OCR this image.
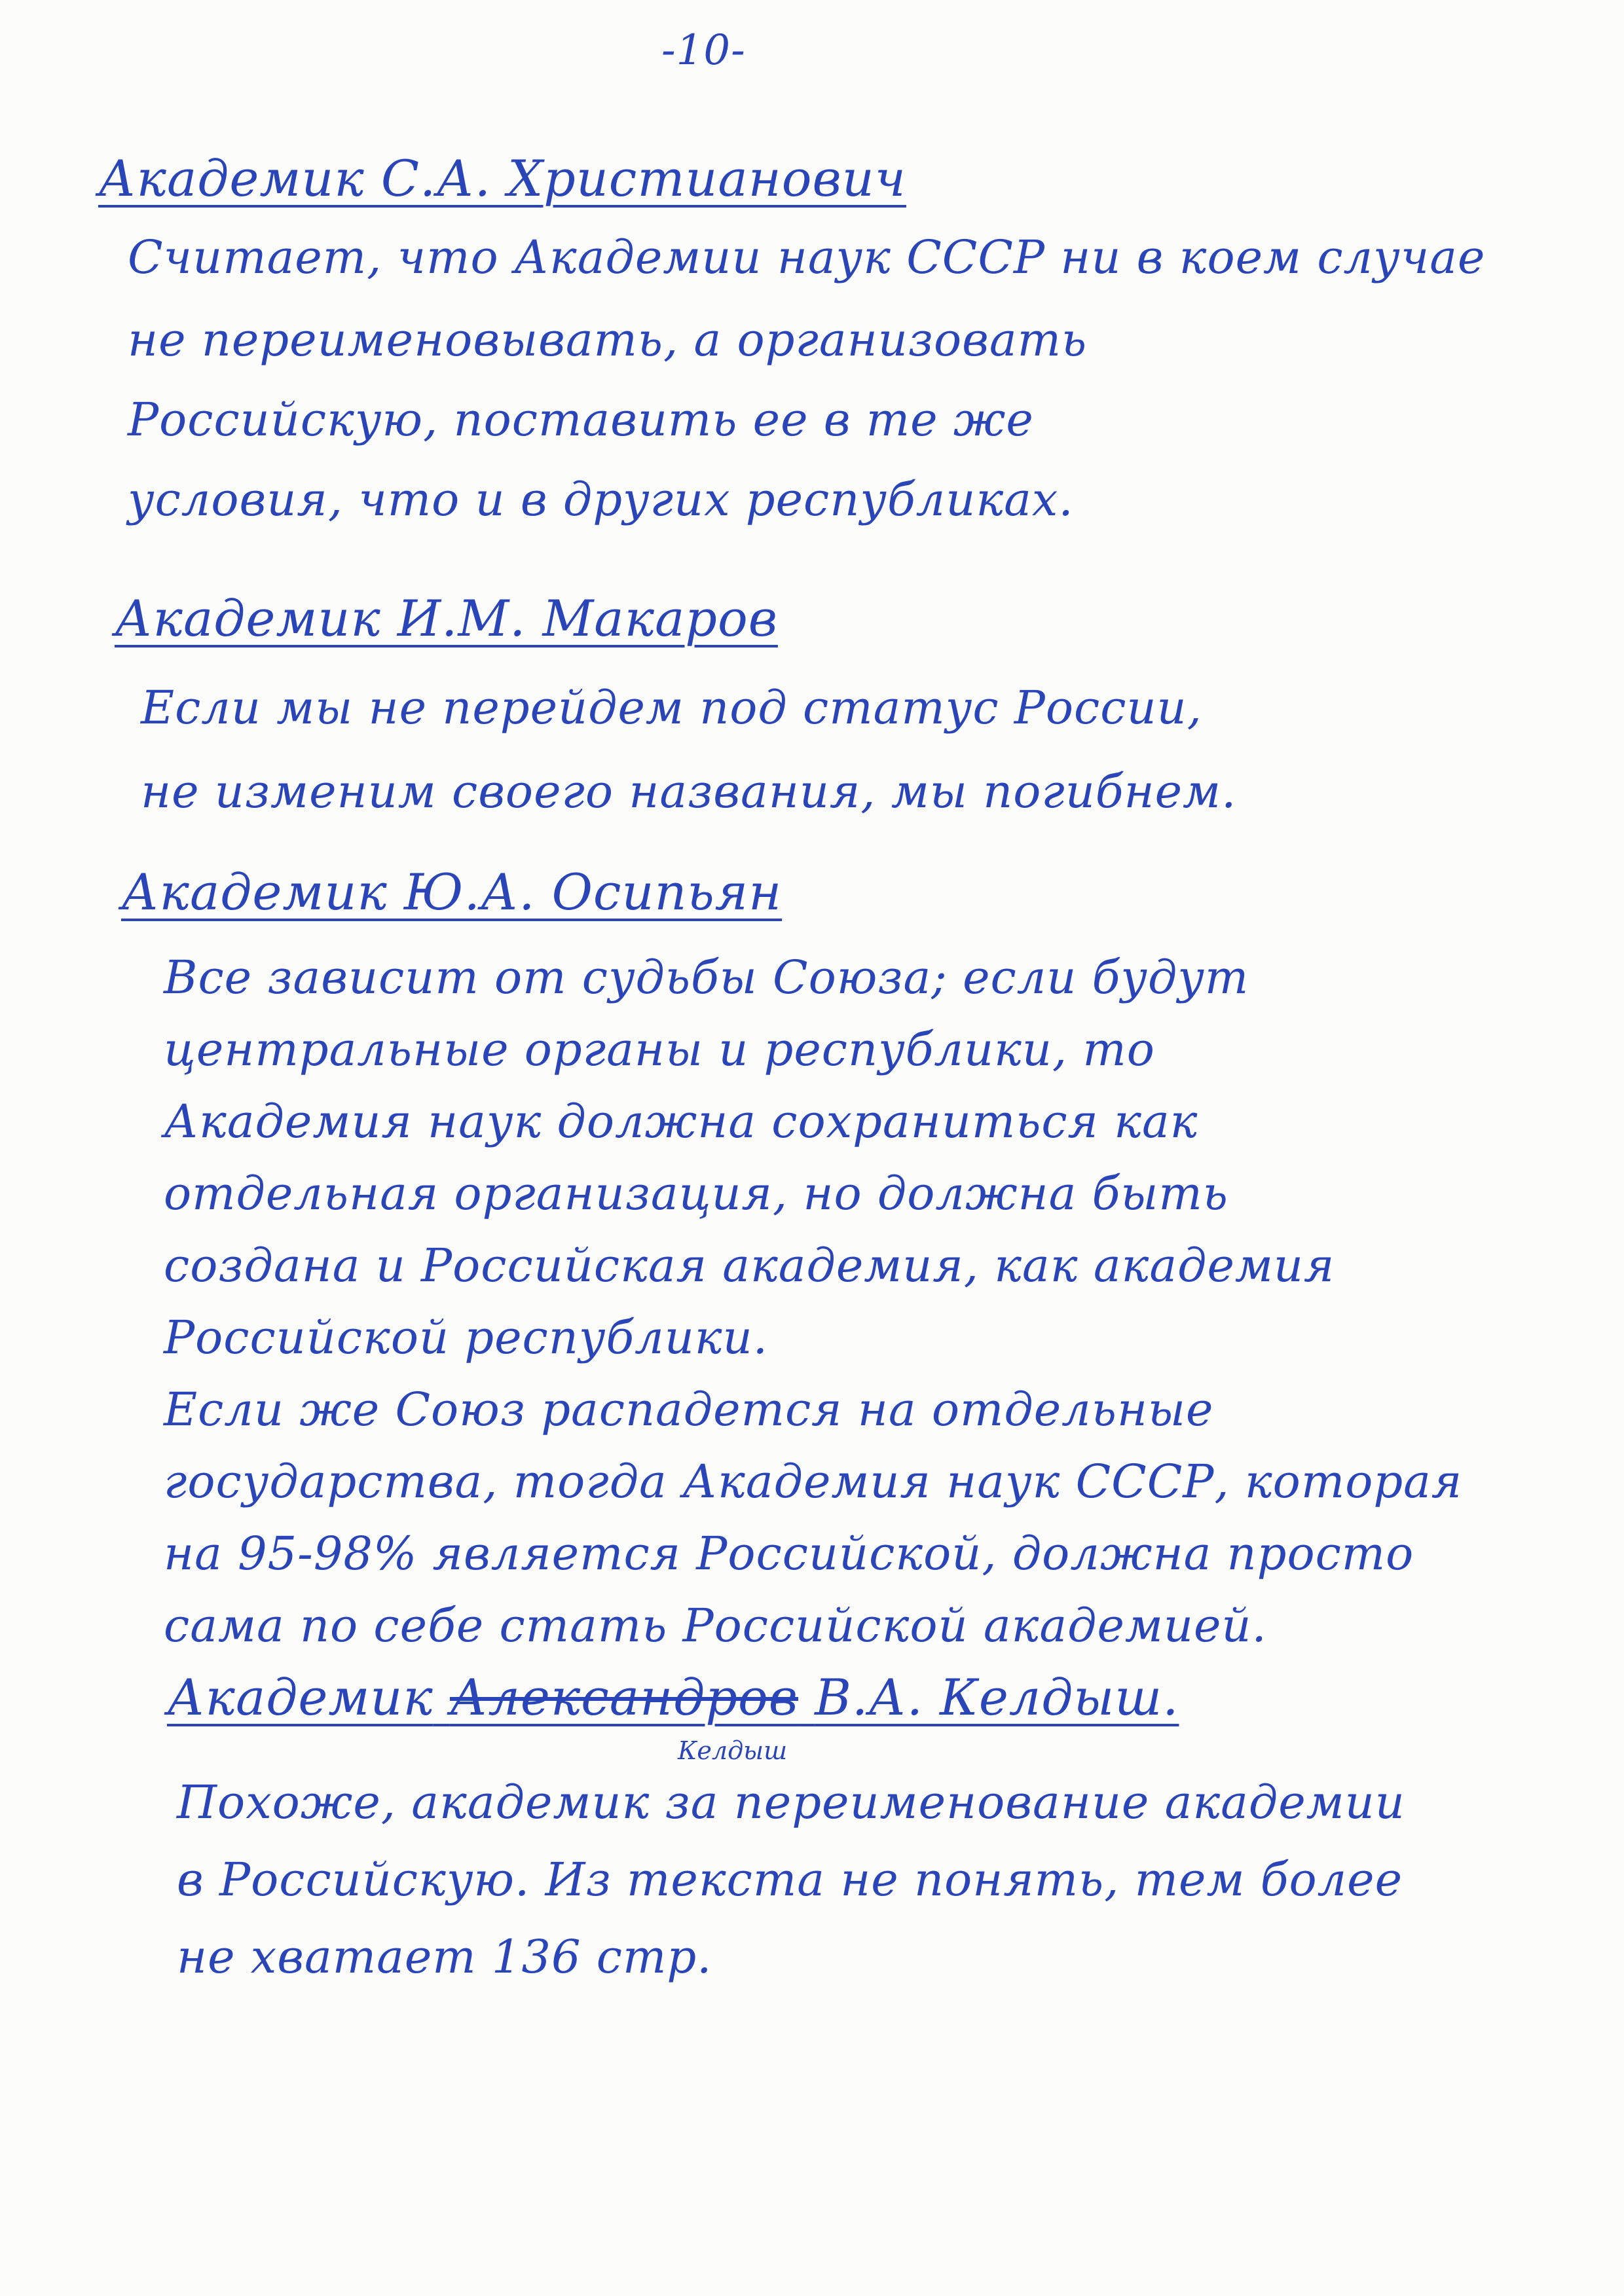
-10-
Академик С.А. Христианович
Считает, что Академии наук СССР ни в коем случае
не переименовывать, а организовать
Российскую, поставить ее в те же
условия, что и в других республиках.
Академик И.М. Макаров
Если мы не перейдем под статус России,
не изменим своего названия, мы погибнем.
Академик Ю.А. Осипьян
Все зависит от судьбы Союза; если будут
центральные органы и республики, то
Академия наук должна сохраниться как
отдельная организация, но должна быть
создана и Российская академия, как академия
Российской республики.
Если же Союз распадется на отдельные
государства, тогда Академия наук СССР, которая
на 95-98% является Российской, должна просто
сама по себе стать Российской академией.
Академик Александров В.А. Келдыш.
Келдыш
Похоже, академик за переименование академии
в Российскую. Из текста не понять, тем более
не хватает 136 стр.
